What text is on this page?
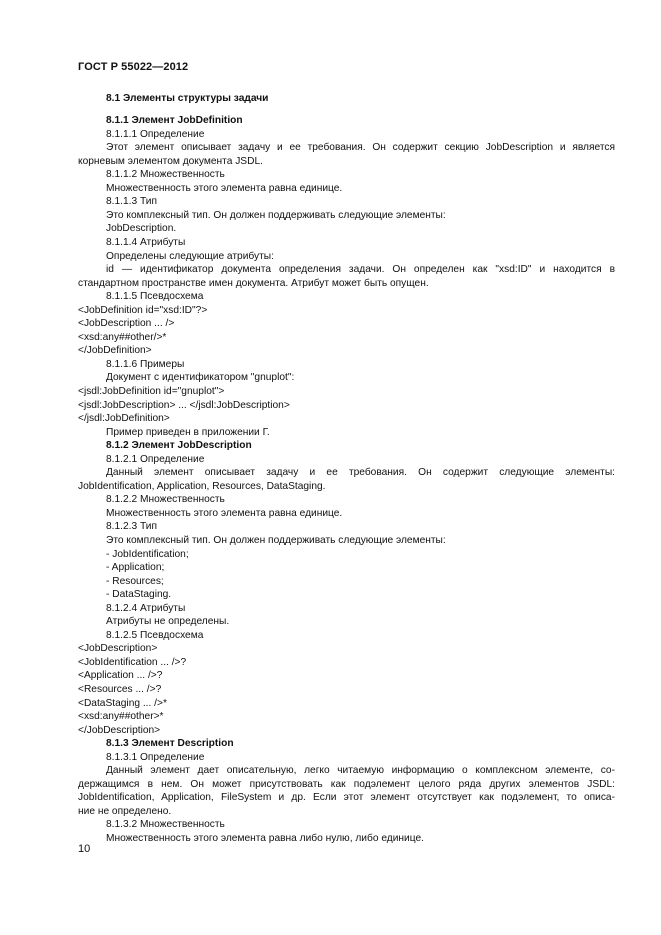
ГОСТ Р 55022—2012
8.1 Элементы структуры задачи
8.1.1 Элемент JobDefinition
8.1.1.1 Определение
Этот элемент описывает задачу и ее требования. Он содержит секцию JobDescription и является
корневым элементом документа JSDL.
8.1.1.2 Множественность
Множественность этого элемента равна единице.
8.1.1.3 Тип
Это комплексный тип. Он должен поддерживать следующие элементы:
JobDescription.
8.1.1.4 Атрибуты
Определены следующие атрибуты:
id — идентификатор документа определения задачи. Он определен как "xsd:ID" и находится в
стандартном пространстве имен документа. Атрибут может быть опущен.
8.1.1.5 Псевдосхема
<JobDefinition id="xsd:ID"?>
<JobDescription ... />
<xsd:any##other/>*
</JobDefinition>
8.1.1.6 Примеры
Документ с идентификатором "gnuplot":
<jsdl:JobDefinition id="gnuplot">
<jsdl:JobDescription> ... </jsdl:JobDescription>
</jsdl:JobDefinition>
Пример приведен в приложении Г.
8.1.2 Элемент JobDescription
8.1.2.1 Определение
Данный элемент описывает задачу и ее требования. Он содержит следующие элементы:
JobIdentification, Application, Resources, DataStaging.
8.1.2.2 Множественность
Множественность этого элемента равна единице.
8.1.2.3 Тип
Это комплексный тип. Он должен поддерживать следующие элементы:
- JobIdentification;
- Application;
- Resources;
- DataStaging.
8.1.2.4 Атрибуты
Атрибуты не определены.
8.1.2.5 Псевдосхема
<JobDescription>
<JobIdentification ... />?
<Application ... />?
<Resources ... />?
<DataStaging ... />*
<xsd:any##other>*
</JobDescription>
8.1.3 Элемент Description
8.1.3.1 Определение
Данный элемент дает описательную, легко читаемую информацию о комплексном элементе, со-
держащимся в нем. Он может присутствовать как подэлемент целого ряда других элементов JSDL:
JobIdentification, Application, FileSystem и др. Если этот элемент отсутствует как подэлемент, то описа-
ние не определено.
8.1.3.2 Множественность
Множественность этого элемента равна либо нулю, либо единице.
10
